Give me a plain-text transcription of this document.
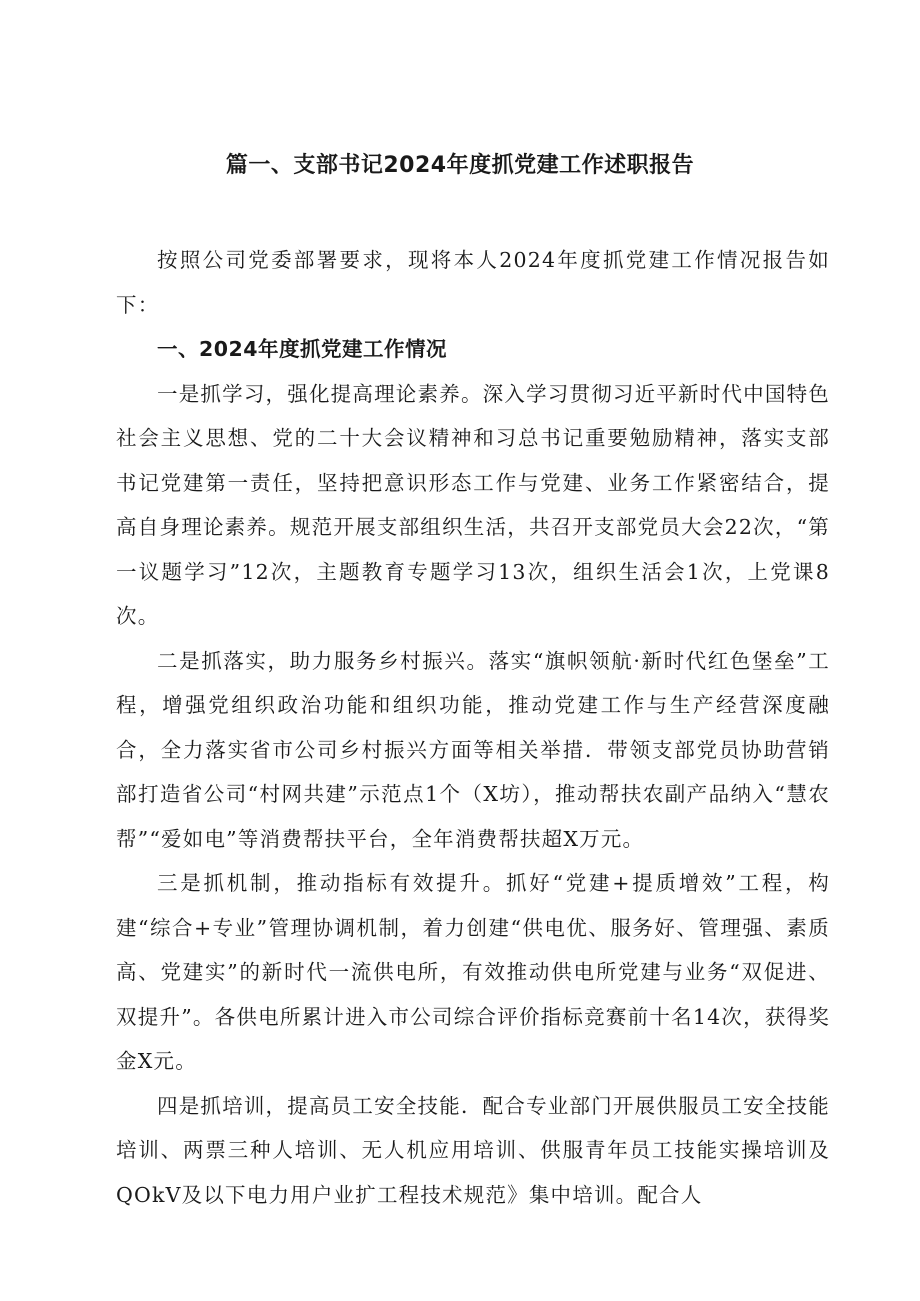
篇一、支部书记2024年度抓党建工作述职报告

按照公司党委部署要求，现将本人2024年度抓党建工作情况报告如下：

一、2024年度抓党建工作情况

一是抓学习，强化提高理论素养。深入学习贯彻习近平新时代中国特色社会主义思想、党的二十大会议精神和习总书记重要勉励精神，落实支部书记党建第一责任，坚持把意识形态工作与党建、业务工作紧密结合，提高自身理论素养。规范开展支部组织生活，共召开支部党员大会22次，“第一议题学习”12次，主题教育专题学习13次，组织生活会1次，上党课8次。

二是抓落实，助力服务乡村振兴。落实“旗帜领航·新时代红色堡垒”工程，增强党组织政治功能和组织功能，推动党建工作与生产经营深度融合，全力落实省市公司乡村振兴方面等相关举措．带领支部党员协助营销部打造省公司“村网共建”示范点1个（X坊），推动帮扶农副产品纳入“慧农帮”“爱如电”等消费帮扶平台，全年消费帮扶超X万元。

三是抓机制，推动指标有效提升。抓好“党建+提质增效”工程，构建“综合+专业”管理协调机制，着力创建“供电优、服务好、管理强、素质高、党建实”的新时代一流供电所，有效推动供电所党建与业务“双促进、双提升”。各供电所累计进入市公司综合评价指标竞赛前十名14次，获得奖金X元。

四是抓培训，提高员工安全技能．配合专业部门开展供服员工安全技能培训、两票三种人培训、无人机应用培训、供服青年员工技能实操培训及QOkV及以下电力用户业扩工程技术规范》集中培训。配合人
